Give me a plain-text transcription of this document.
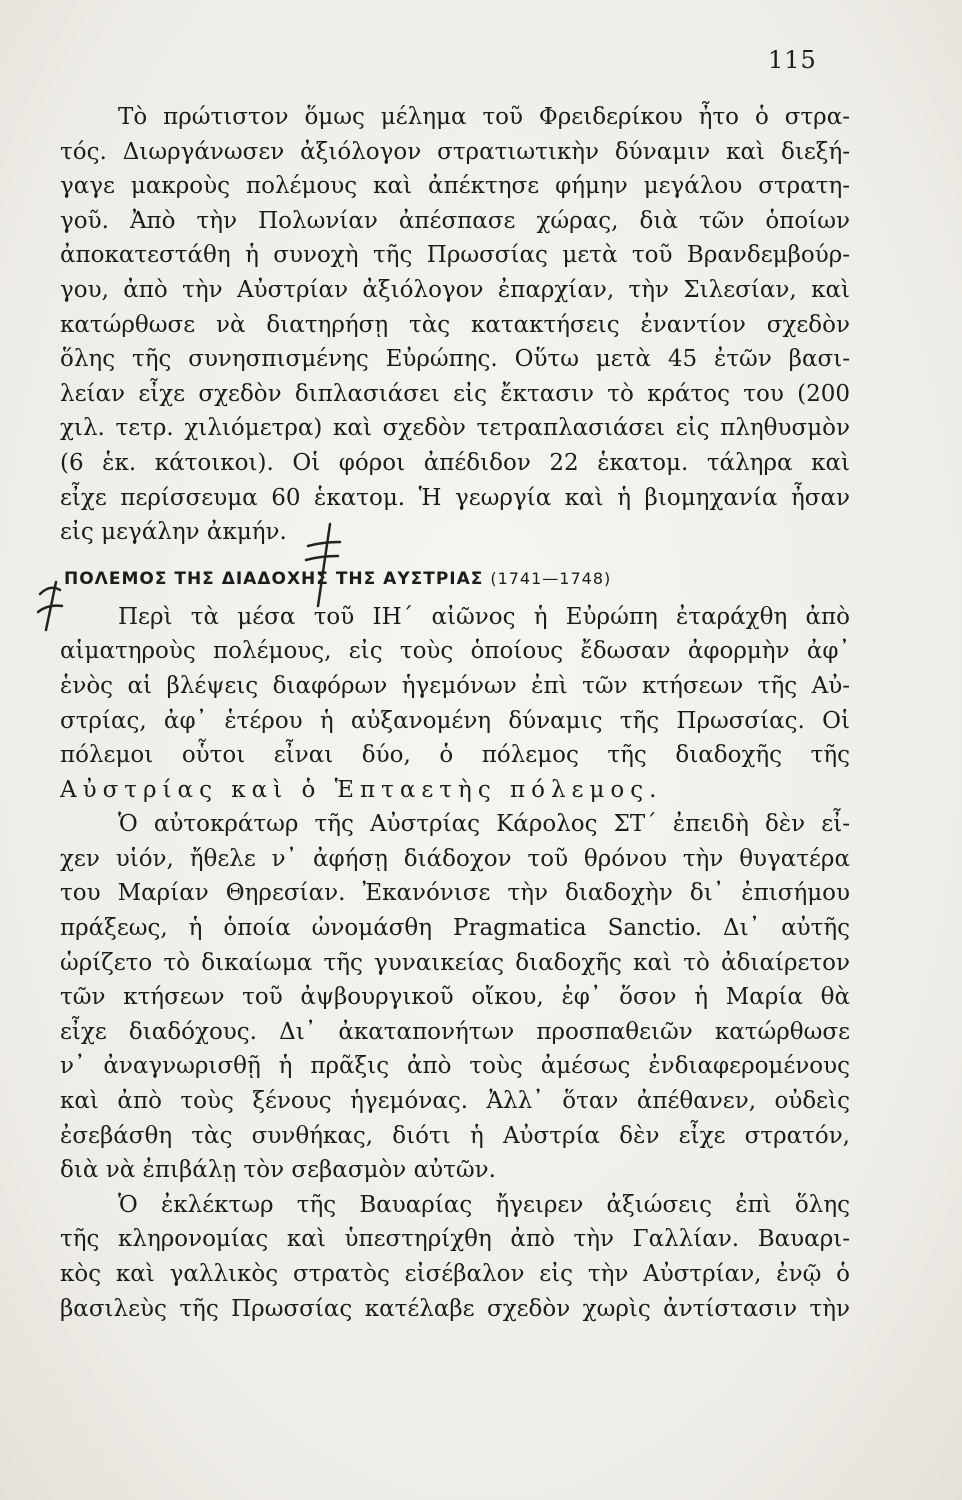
115
Τὸ πρώτιστον ὅμως μέλημα τοῦ Φρειδερίκου ἦτο ὁ στρα-
τός. Διωργάνωσεν ἀξιόλογον στρατιωτικὴν δύναμιν καὶ διεξή-
γαγε μακροὺς πολέμους καὶ ἀπέκτησε φήμην μεγάλου στρατη-
γοῦ. Ἀπὸ τὴν Πολωνίαν ἀπέσπασε χώρας, διὰ τῶν ὁποίων
ἀποκατεστάθη ἡ συνοχὴ τῆς Πρωσσίας μετὰ τοῦ Βρανδεμβούρ-
γου, ἀπὸ τὴν Αὐστρίαν ἀξιόλογον ἐπαρχίαν, τὴν Σιλεσίαν, καὶ
κατώρθωσε νὰ διατηρήσῃ τὰς κατακτήσεις ἐναντίον σχεδὸν
ὅλης τῆς συνησπισμένης Εὐρώπης. Οὕτω μετὰ 45 ἐτῶν βασι-
λείαν εἶχε σχεδὸν διπλασιάσει εἰς ἔκτασιν τὸ κράτος του (200
χιλ. τετρ. χιλιόμετρα) καὶ σχεδὸν τετραπλασιάσει εἰς πληθυσμὸν
(6 ἑκ. κάτοικοι). Οἱ φόροι ἀπέδιδον 22 ἑκατομ. τάληρα καὶ
εἶχε περίσσευμα 60 ἑκατομ. Ἡ γεωργία καὶ ἡ βιομηχανία ἦσαν
εἰς μεγάλην ἀκμήν.
ΠΟΛΕΜΟΣ ΤΗΣ ΔΙΑΔΟΧΗΣ ΤΗΣ ΑΥΣΤΡΙΑΣ (1741—1748)
Περὶ τὰ μέσα τοῦ ΙΗ΄ αἰῶνος ἡ Εὐρώπη ἐταράχθη ἀπὸ
αἱματηροὺς πολέμους, εἰς τοὺς ὁποίους ἔδωσαν ἀφορμὴν ἀφ᾽
ἑνὸς αἱ βλέψεις διαφόρων ἡγεμόνων ἐπὶ τῶν κτήσεων τῆς Αὐ-
στρίας, ἀφ᾽ ἑτέρου ἡ αὐξανομένη δύναμις τῆς Πρωσσίας. Οἱ
πόλεμοι οὗτοι εἶναι δύο, ὁ πόλεμος τῆς διαδοχῆς τῆς
Αὐστρίας καὶ ὁ Ἑπταετὴς πόλεμος.
Ὁ αὐτοκράτωρ τῆς Αὐστρίας Κάρολος ΣΤ΄ ἐπειδὴ δὲν εἶ-
χεν υἱόν, ἤθελε ν᾽ ἀφήσῃ διάδοχον τοῦ θρόνου τὴν θυγατέρα
του Μαρίαν Θηρεσίαν. Ἐκανόνισε τὴν διαδοχὴν δι᾽ ἐπισήμου
πράξεως, ἡ ὁποία ὠνομάσθη Pragmatica Sanctio. Δι᾽ αὐτῆς
ὡρίζετο τὸ δικαίωμα τῆς γυναικείας διαδοχῆς καὶ τὸ ἀδιαίρετον
τῶν κτήσεων τοῦ ἀψβουργικοῦ οἴκου, ἐφ᾽ ὅσον ἡ Μαρία θὰ
εἶχε διαδόχους. Δι᾽ ἀκαταπονήτων προσπαθειῶν κατώρθωσε
ν᾽ ἀναγνωρισθῇ ἡ πρᾶξις ἀπὸ τοὺς ἀμέσως ἐνδιαφερομένους
καὶ ἀπὸ τοὺς ξένους ἡγεμόνας. Ἀλλ᾽ ὅταν ἀπέθανεν, οὐδεὶς
ἐσεβάσθη τὰς συνθήκας, διότι ἡ Αὐστρία δὲν εἶχε στρατόν,
διὰ νὰ ἐπιβάλῃ τὸν σεβασμὸν αὐτῶν.
Ὁ ἐκλέκτωρ τῆς Βαυαρίας ἤγειρεν ἀξιώσεις ἐπὶ ὅλης
τῆς κληρονομίας καὶ ὑπεστηρίχθη ἀπὸ τὴν Γαλλίαν. Βαυαρι-
κὸς καὶ γαλλικὸς στρατὸς εἰσέβαλον εἰς τὴν Αὐστρίαν, ἐνῷ ὁ
βασιλεὺς τῆς Πρωσσίας κατέλαβε σχεδὸν χωρὶς ἀντίστασιν τὴν
